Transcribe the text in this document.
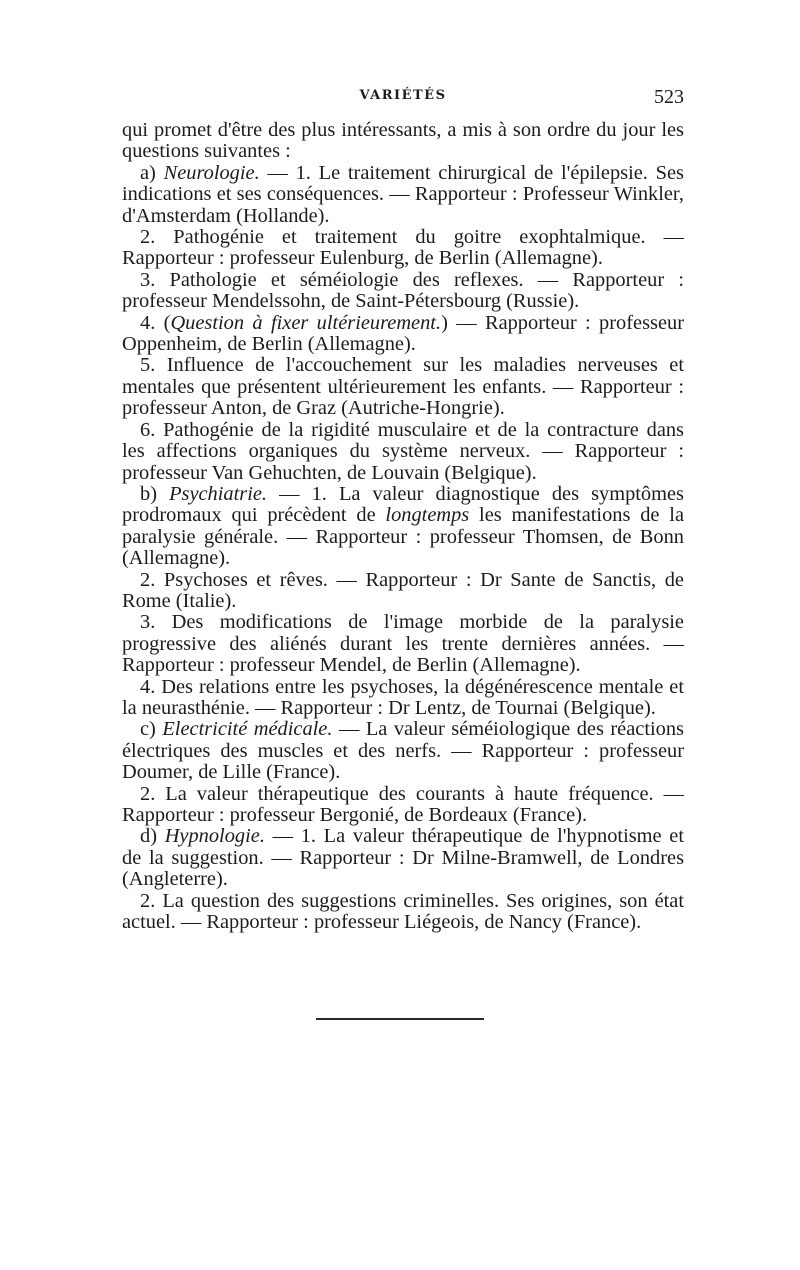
VARIÉTÉS	523

qui promet d'être des plus intéressants, a mis à son ordre du jour les questions suivantes :

a) Neurologie. — 1. Le traitement chirurgical de l'épilepsie. Ses indications et ses conséquences. — Rapporteur : Professeur Winkler, d'Amsterdam (Hollande).

2. Pathogénie et traitement du goitre exophtalmique. — Rapporteur : professeur Eulenburg, de Berlin (Allemagne).

3. Pathologie et séméiologie des reflexes. — Rapporteur : professeur Mendelssohn, de Saint-Pétersbourg (Russie).

4. (Question à fixer ultérieurement.) — Rapporteur : professeur Oppenheim, de Berlin (Allemagne).

5. Influence de l'accouchement sur les maladies nerveuses et mentales que présentent ultérieurement les enfants. — Rapporteur : professeur Anton, de Graz (Autriche-Hongrie).

6. Pathogénie de la rigidité musculaire et de la contracture dans les affections organiques du système nerveux. — Rapporteur : professeur Van Gehuchten, de Louvain (Belgique).

b) Psychiatrie. — 1. La valeur diagnostique des symptômes prodromaux qui précèdent de longtemps les manifestations de la paralysie générale. — Rapporteur : professeur Thomsen, de Bonn (Allemagne).

2. Psychoses et rêves. — Rapporteur : Dr Sante de Sanctis, de Rome (Italie).

3. Des modifications de l'image morbide de la paralysie progressive des aliénés durant les trente dernières années. — Rapporteur : professeur Mendel, de Berlin (Allemagne).

4. Des relations entre les psychoses, la dégénérescence mentale et la neurasthénie. — Rapporteur : Dr Lentz, de Tournai (Belgique).

c) Electricité médicale. — La valeur séméiologique des réactions électriques des muscles et des nerfs. — Rapporteur : professeur Doumer, de Lille (France).

2. La valeur thérapeutique des courants à haute fréquence. — Rapporteur : professeur Bergonié, de Bordeaux (France).

d) Hypnologie. — 1. La valeur thérapeutique de l'hypnotisme et de la suggestion. — Rapporteur : Dr Milne-Bramwell, de Londres (Angleterre).

2. La question des suggestions criminelles. Ses origines, son état actuel. — Rapporteur : professeur Liégeois, de Nancy (France).
